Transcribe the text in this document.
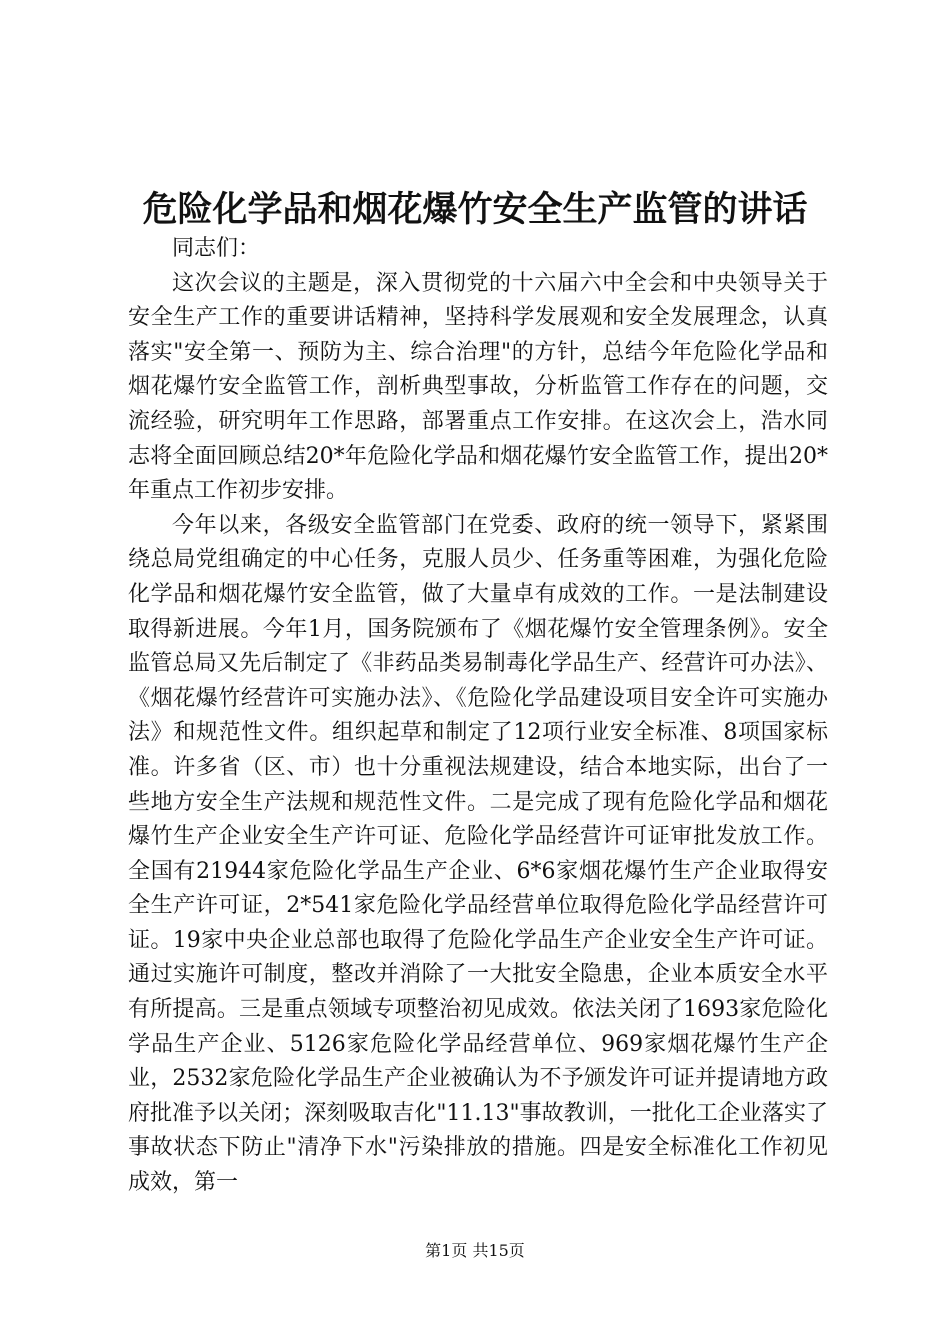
危险化学品和烟花爆竹安全生产监管的讲话

同志们：

这次会议的主题是，深入贯彻党的十六届六中全会和中央领导关于安全生产工作的重要讲话精神，坚持科学发展观和安全发展理念，认真落实"安全第一、预防为主、综合治理"的方针，总结今年危险化学品和烟花爆竹安全监管工作，剖析典型事故，分析监管工作存在的问题，交流经验，研究明年工作思路，部署重点工作安排。在这次会上，浩水同志将全面回顾总结20*年危险化学品和烟花爆竹安全监管工作，提出20*年重点工作初步安排。

今年以来，各级安全监管部门在党委、政府的统一领导下，紧紧围绕总局党组确定的中心任务，克服人员少、任务重等困难，为强化危险化学品和烟花爆竹安全监管，做了大量卓有成效的工作。一是法制建设取得新进展。今年1月，国务院颁布了《烟花爆竹安全管理条例》。安全监管总局又先后制定了《非药品类易制毒化学品生产、经营许可办法》、《烟花爆竹经营许可实施办法》、《危险化学品建设项目安全许可实施办法》和规范性文件。组织起草和制定了12项行业安全标准、8项国家标准。许多省（区、市）也十分重视法规建设，结合本地实际，出台了一些地方安全生产法规和规范性文件。二是完成了现有危险化学品和烟花爆竹生产企业安全生产许可证、危险化学品经营许可证审批发放工作。全国有21944家危险化学品生产企业、6*6家烟花爆竹生产企业取得安全生产许可证，2*541家危险化学品经营单位取得危险化学品经营许可证。19家中央企业总部也取得了危险化学品生产企业安全生产许可证。通过实施许可制度，整改并消除了一大批安全隐患，企业本质安全水平有所提高。三是重点领域专项整治初见成效。依法关闭了1693家危险化学品生产企业、5126家危险化学品经营单位、969家烟花爆竹生产企业，2532家危险化学品生产企业被确认为不予颁发许可证并提请地方政府批准予以关闭；深刻吸取吉化"11.13"事故教训，一批化工企业落实了事故状态下防止"清净下水"污染排放的措施。四是安全标准化工作初见成效，第一

第1页 共15页
